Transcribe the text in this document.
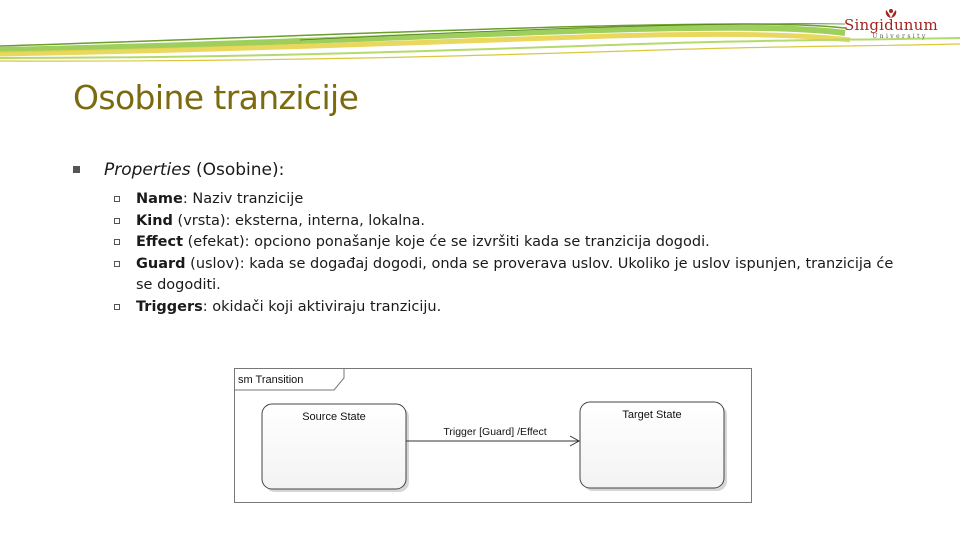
Singidunum
University
Osobine tranzicije
Properties (Osobine):
Name: Naziv tranzicije
Kind (vrsta): eksterna, interna, lokalna.
Effect (efekat): opciono ponašanje koje će se izvršiti kada se tranzicija dogodi.
Guard (uslov): kada se događaj dogodi, onda se proverava uslov. Ukoliko je uslov ispunjen, tranzicija će se dogoditi.
Triggers: okidači koji aktiviraju tranziciju.
sm Transition
Source State	Target State
Trigger [Guard] /Effect
